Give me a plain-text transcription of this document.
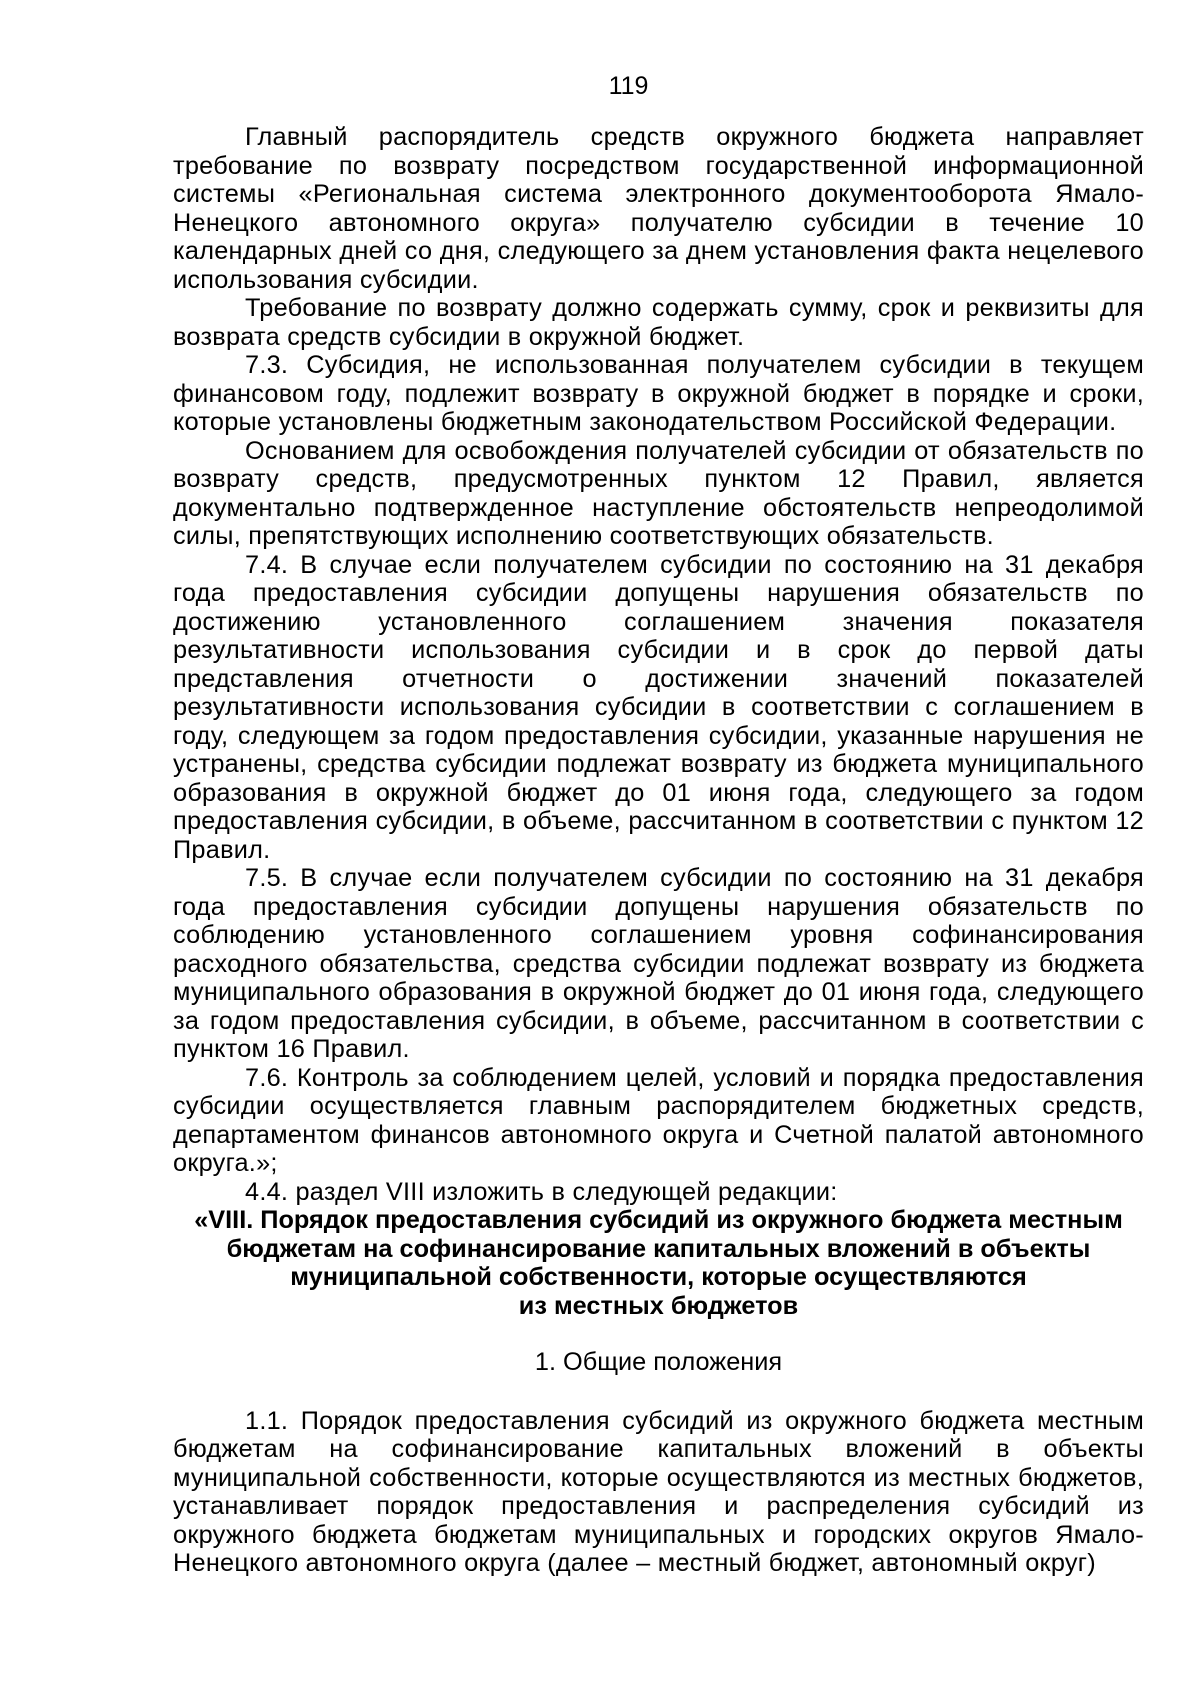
119

Главный распорядитель средств окружного бюджета направляет требование по возврату посредством государственной информационной системы «Региональная система электронного документооборота Ямало-Ненецкого автономного округа» получателю субсидии в течение 10 календарных дней со дня, следующего за днем установления факта нецелевого использования субсидии.

Требование по возврату должно содержать сумму, срок и реквизиты для возврата средств субсидии в окружной бюджет.

7.3. Субсидия, не использованная получателем субсидии в текущем финансовом году, подлежит возврату в окружной бюджет в порядке и сроки, которые установлены бюджетным законодательством Российской Федерации.

Основанием для освобождения получателей субсидии от обязательств по возврату средств, предусмотренных пунктом 12 Правил, является документально подтвержденное наступление обстоятельств непреодолимой силы, препятствующих исполнению соответствующих обязательств.

7.4. В случае если получателем субсидии по состоянию на 31 декабря года предоставления субсидии допущены нарушения обязательств по достижению установленного соглашением значения показателя результативности использования субсидии и в срок до первой даты представления отчетности о достижении значений показателей результативности использования субсидии в соответствии с соглашением в году, следующем за годом предоставления субсидии, указанные нарушения не устранены, средства субсидии подлежат возврату из бюджета муниципального образования в окружной бюджет до 01 июня года, следующего за годом предоставления субсидии, в объеме, рассчитанном в соответствии с пунктом 12 Правил.

7.5. В случае если получателем субсидии по состоянию на 31 декабря года предоставления субсидии допущены нарушения обязательств по соблюдению установленного соглашением уровня софинансирования расходного обязательства, средства субсидии подлежат возврату из бюджета муниципального образования в окружной бюджет до 01 июня года, следующего за годом предоставления субсидии, в объеме, рассчитанном в соответствии с пунктом 16 Правил.

7.6. Контроль за соблюдением целей, условий и порядка предоставления субсидии осуществляется главным распорядителем бюджетных средств, департаментом финансов автономного округа и Счетной палатой автономного округа.»;

4.4. раздел VIII изложить в следующей редакции:

«VIII. Порядок предоставления субсидий из окружного бюджета местным
бюджетам на софинансирование капитальных вложений в объекты
муниципальной собственности, которые осуществляются
из местных бюджетов
1. Общие положения

1.1. Порядок предоставления субсидий из окружного бюджета местным бюджетам на софинансирование капитальных вложений в объекты муниципальной собственности, которые осуществляются из местных бюджетов, устанавливает порядок предоставления и распределения субсидий из окружного бюджета бюджетам муниципальных и городских округов Ямало-Ненецкого автономного округа (далее – местный бюджет, автономный округ)
